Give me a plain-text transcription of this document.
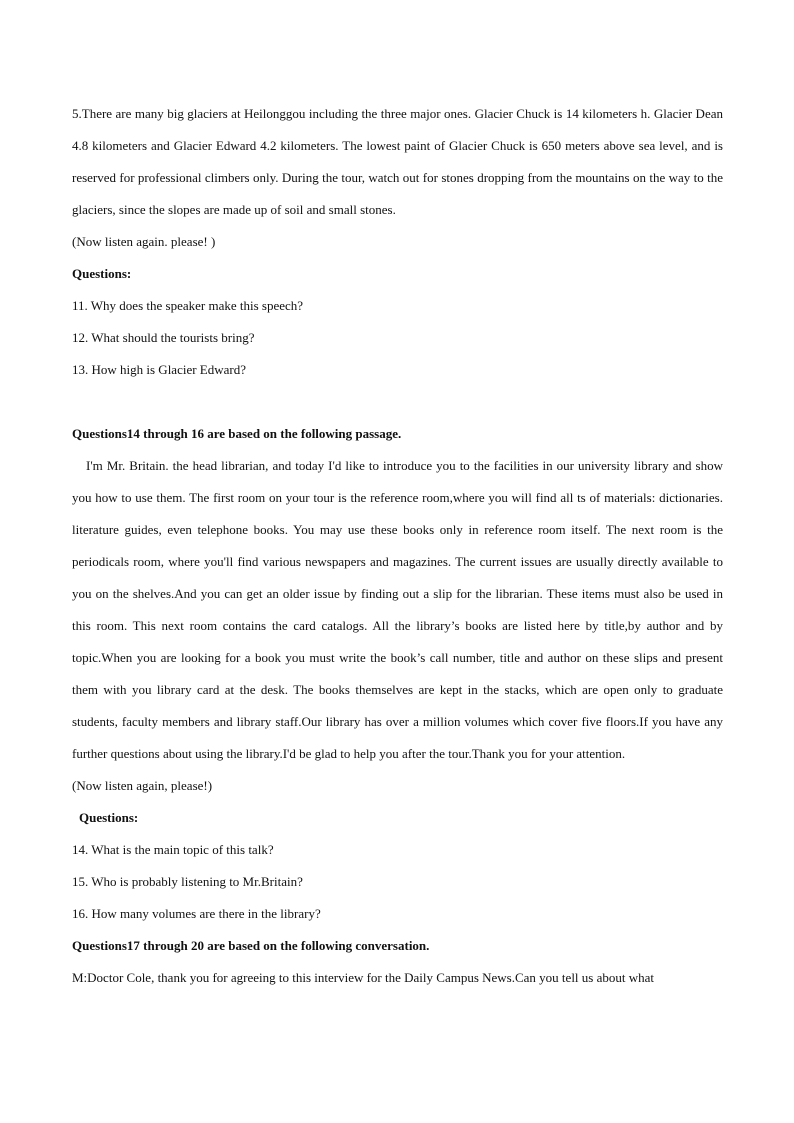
5.There are many big glaciers at Heilonggou including the three major ones. Glacier Chuck is 14 kilometers h. Glacier Dean 4.8 kilometers and Glacier Edward 4.2 kilometers. The lowest paint of Glacier Chuck is 650 meters above sea level, and is reserved for professional climbers only. During the tour, watch out for stones dropping from the mountains on the way to the glaciers, since the slopes are made up of soil and small stones.

(Now listen again. please! )

Questions:

11. Why does the speaker make this speech?

12. What should the tourists bring?

13. How high is Glacier Edward?

Questions14 through 16 are based on the following passage.

I'm Mr. Britain. the head librarian, and today I'd like to introduce you to the facilities in our university library and show you how to use them. The first room on your tour is the reference room,where you will find all ts of materials: dictionaries. literature guides, even telephone books. You may use these books only in reference room itself. The next room is the periodicals room, where you'll find various newspapers and magazines. The current issues are usually directly available to you on the shelves.And you can get an older issue by finding out a slip for the librarian. These items must also be used in this room. This next room contains the card catalogs. All the library’s books are listed here by title,by author and by topic.When you are looking for a book you must write the book’s call number, title and author on these slips and present them with you library card at the desk. The books themselves are kept in the stacks, which are open only to graduate students, faculty members and library staff.Our library has over a million volumes which cover five floors.If you have any further questions about using the library.I'd be glad to help you after the tour.Thank you for your attention.

(Now listen again, please!)

Questions:

14. What is the main topic of this talk?

15. Who is probably listening to Mr.Britain?

16. How many volumes are there in the library?

Questions17 through 20 are based on the following conversation.

M:Doctor Cole, thank you for agreeing to this interview for the Daily Campus News.Can you tell us about what
